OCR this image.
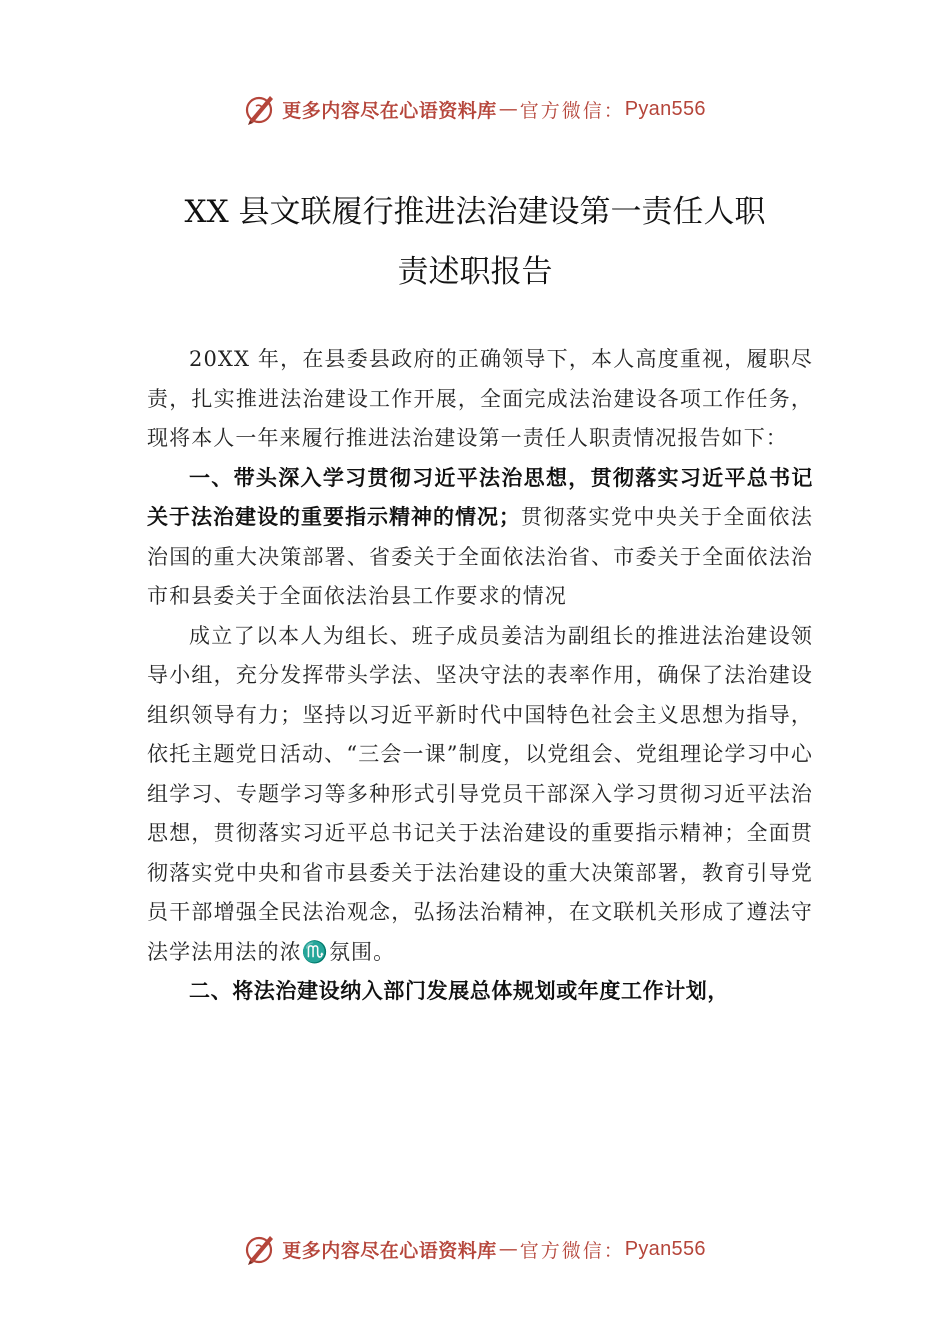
更多内容尽在心语资料库 — 官方微信： Pyan556
XX 县文联履行推进法治建设第一责任人职
责述职报告

20XX 年，在县委县政府的正确领导下，本人高度重视，履职尽责，扎实推进法治建设工作开展，全面完成法治建设各项工作任务，现将本人一年来履行推进法治建设第一责任人职责情况报告如下：

一、带头深入学习贯彻习近平法治思想，贯彻落实习近平总书记关于法治建设的重要指示精神的情况；贯彻落实党中央关于全面依法治国的重大决策部署、省委关于全面依法治省、市委关于全面依法治市和县委关于全面依法治县工作要求的情况

成立了以本人为组长、班子成员姜洁为副组长的推进法治建设领导小组，充分发挥带头学法、坚决守法的表率作用，确保了法治建设组织领导有力；坚持以习近平新时代中国特色社会主义思想为指导，依托主题党日活动、“三会一课”制度，以党组会、党组理论学习中心组学习、专题学习等多种形式引导党员干部深入学习贯彻习近平法治思想，贯彻落实习近平总书记关于法治建设的重要指示精神；全面贯彻落实党中央和省市县委关于法治建设的重大决策部署，教育引导党员干部增强全民法治观念，弘扬法治精神，在文联机关形成了遵法守法学法用法的浓♏氛围。

二、将法治建设纳入部门发展总体规划或年度工作计划，

更多内容尽在心语资料库 — 官方微信： Pyan556
